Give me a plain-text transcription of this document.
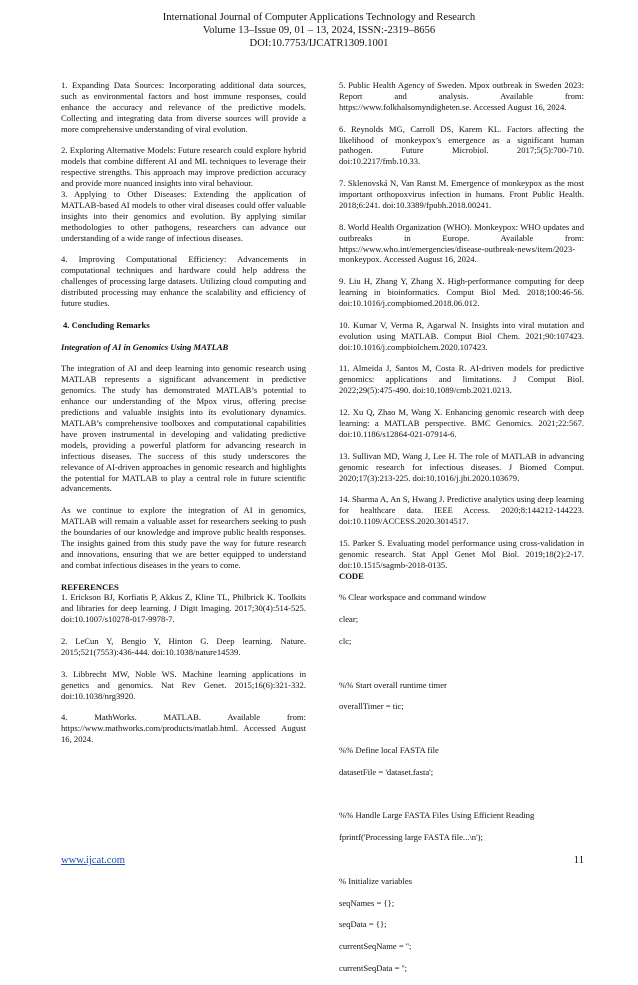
International Journal of Computer Applications Technology and Research
Volume 13–Issue 09, 01 – 13, 2024, ISSN:-2319–8656
DOI:10.7753/IJCATR1309.1001

1. Expanding Data Sources: Incorporating additional data sources, such as environmental factors and host immune responses, could enhance the accuracy and relevance of the predictive models. Collecting and integrating data from diverse sources will provide a more comprehensive understanding of viral evolution.

2. Exploring Alternative Models: Future research could explore hybrid models that combine different AI and ML techniques to leverage their respective strengths. This approach may improve prediction accuracy and provide more nuanced insights into viral behaviour.

3. Applying to Other Diseases: Extending the application of MATLAB-based AI models to other viral diseases could offer valuable insights into their genomics and evolution. By applying similar methodologies to other pathogens, researchers can advance our understanding of a wide range of infectious diseases.

4. Improving Computational Efficiency: Advancements in computational techniques and hardware could help address the challenges of processing large datasets. Utilizing cloud computing and distributed processing may enhance the scalability and efficiency of future studies.

4. Concluding Remarks

Integration of AI in Genomics Using MATLAB

The integration of AI and deep learning into genomic research using MATLAB represents a significant advancement in predictive genomics. The study has demonstrated MATLAB’s potential to enhance our understanding of the Mpox virus, offering precise predictions and valuable insights into its evolutionary dynamics. MATLAB’s comprehensive toolboxes and computational capabilities have proven instrumental in developing and validating predictive models, providing a powerful platform for advancing research in infectious diseases. The success of this study underscores the relevance of AI-driven approaches in genomic research and highlights the potential for MATLAB to play a central role in future scientific advancements.

As we continue to explore the integration of AI in genomics, MATLAB will remain a valuable asset for researchers seeking to push the boundaries of our knowledge and improve public health responses. The insights gained from this study pave the way for future research and innovations, ensuring that we are better equipped to understand and combat infectious diseases in the years to come.

REFERENCES

1. Erickson BJ, Korfiatis P, Akkus Z, Kline TL, Philbrick K. Toolkits and libraries for deep learning. J Digit Imaging. 2017;30(4):514-525. doi:10.1007/s10278-017-9978-7.

2. LeCun Y, Bengio Y, Hinton G. Deep learning. Nature. 2015;521(7553):436-444. doi:10.1038/nature14539.

3. Libbrecht MW, Noble WS. Machine learning applications in genetics and genomics. Nat Rev Genet. 2015;16(6):321-332. doi:10.1038/nrg3920.

4. MathWorks. MATLAB. Available from: https://www.mathworks.com/products/matlab.html. Accessed August 16, 2024.

5. Public Health Agency of Sweden. Mpox outbreak in Sweden 2023: Report and analysis. Available from: https://www.folkhalsomyndigheten.se. Accessed August 16, 2024.

6. Reynolds MG, Carroll DS, Karem KL. Factors affecting the likelihood of monkeypox’s emergence as a significant human pathogen. Future Microbiol. 2017;5(5):700-710. doi:10.2217/fmb.10.33.

7. Sklenovská N, Van Ranst M. Emergence of monkeypox as the most important orthopoxvirus infection in humans. Front Public Health. 2018;6:241. doi:10.3389/fpubh.2018.00241.

8. World Health Organization (WHO). Monkeypox: WHO updates and outbreaks in Europe. Available from: https://www.who.int/emergencies/disease-outbreak-news/item/2023-monkeypox. Accessed August 16, 2024.

9. Liu H, Zhang Y, Zhang X. High-performance computing for deep learning in bioinformatics. Comput Biol Med. 2018;100:46-56. doi:10.1016/j.compbiomed.2018.06.012.

10. Kumar V, Verma R, Agarwal N. Insights into viral mutation and evolution using MATLAB. Comput Biol Chem. 2021;90:107423. doi:10.1016/j.compbiolchem.2020.107423.

11. Almeida J, Santos M, Costa R. AI-driven models for predictive genomics: applications and limitations. J Comput Biol. 2022;29(5):475-490. doi:10.1089/cmb.2021.0213.

12. Xu Q, Zhao M, Wang X. Enhancing genomic research with deep learning: a MATLAB perspective. BMC Genomics. 2021;22:567. doi:10.1186/s12864-021-07914-6.

13. Sullivan MD, Wang J, Lee H. The role of MATLAB in advancing genomic research for infectious diseases. J Biomed Comput. 2020;17(3):213-225. doi:10.1016/j.jbi.2020.103679.

14. Sharma A, An S, Hwang J. Predictive analytics using deep learning for healthcare data. IEEE Access. 2020;8:144212-144223. doi:10.1109/ACCESS.2020.3014517.

15. Parker S. Evaluating model performance using cross-validation in genomic research. Stat Appl Genet Mol Biol. 2019;18(2):2-17. doi:10.1515/sagmb-2018-0135.

CODE

% Clear workspace and command window

clear;

clc;

%% Start overall runtime timer

overallTimer = tic;

%% Define local FASTA file

datasetFile = 'dataset.fasta';

%% Handle Large FASTA Files Using Efficient Reading

fprintf('Processing large FASTA file...\n');

% Initialize variables

seqNames = {};

seqData = {};

currentSeqName = '';

currentSeqData = '';

www.ijcat.com	11
